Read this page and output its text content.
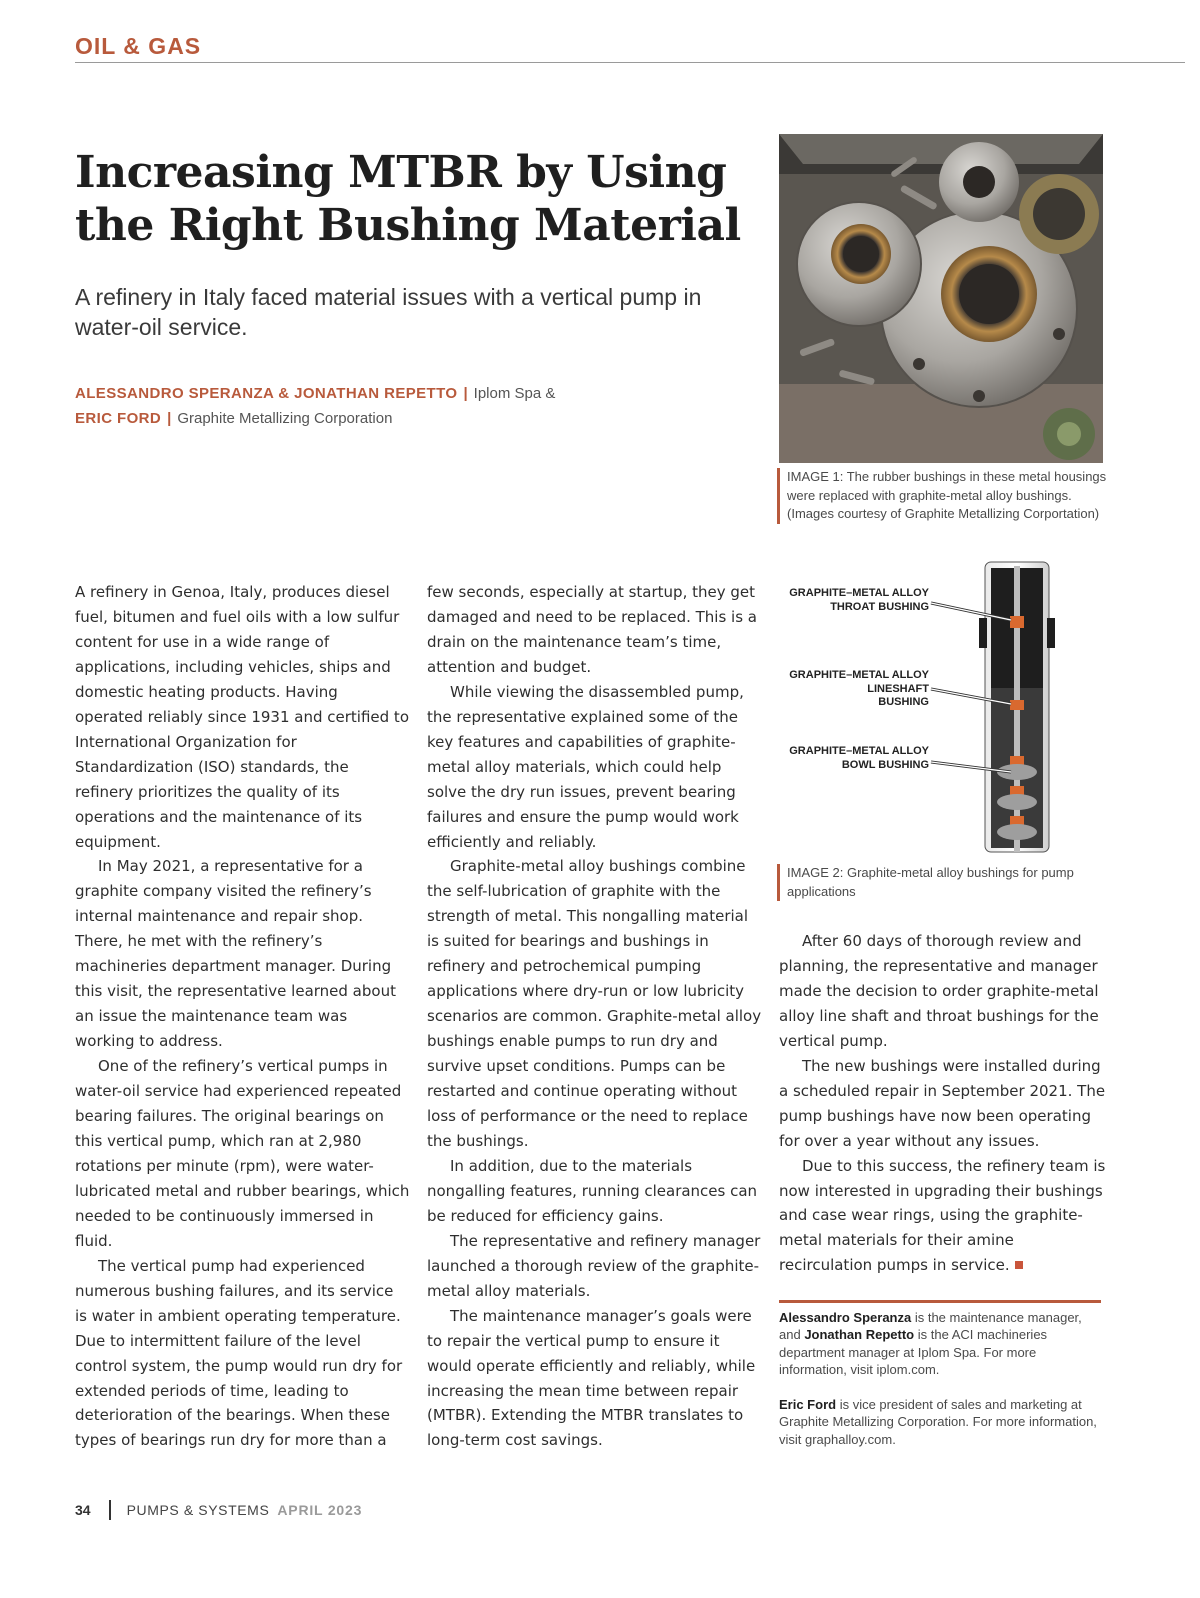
OIL & GAS
Increasing MTBR by Using the Right Bushing Material
A refinery in Italy faced material issues with a vertical pump in water-oil service.
ALESSANDRO SPERANZA & JONATHAN REPETTO | Iplom Spa &
ERIC FORD | Graphite Metallizing Corporation
IMAGE 1: The rubber bushings in these metal housings were replaced with graphite-metal alloy bushings. (Images courtesy of Graphite Metallizing Corportation)
GRAPHITE–METAL ALLOY
THROAT BUSHING
GRAPHITE–METAL ALLOY
LINESHAFT
BUSHING
GRAPHITE–METAL ALLOY
BOWL BUSHING
IMAGE 2: Graphite-metal alloy bushings for pump applications

A refinery in Genoa, Italy, produces diesel fuel, bitumen and fuel oils with a low sulfur content for use in a wide range of applications, including vehicles, ships and domestic heating products. Having operated reliably since 1931 and certified to International Organization for Standardization (ISO) standards, the refinery prioritizes the quality of its operations and the maintenance of its equipment.

In May 2021, a representative for a graphite company visited the refinery’s internal maintenance and repair shop. There, he met with the refinery’s machineries department manager. During this visit, the representative learned about an issue the maintenance team was working to address.

One of the refinery’s vertical pumps in water-oil service had experienced repeated bearing failures. The original bearings on this vertical pump, which ran at 2,980 rotations per minute (rpm), were water-lubricated metal and rubber bearings, which needed to be continuously immersed in fluid.

The vertical pump had experienced numerous bushing failures, and its service is water in ambient operating temperature. Due to intermittent failure of the level control system, the pump would run dry for extended periods of time, leading to deterioration of the bearings. When these types of bearings run dry for more than a

few seconds, especially at startup, they get damaged and need to be replaced. This is a drain on the maintenance team’s time, attention and budget.

While viewing the disassembled pump, the representative explained some of the key features and capabilities of graphite-metal alloy materials, which could help solve the dry run issues, prevent bearing failures and ensure the pump would work efficiently and reliably.

Graphite-metal alloy bushings combine the self-lubrication of graphite with the strength of metal. This nongalling material is suited for bearings and bushings in refinery and petrochemical pumping applications where dry-run or low lubricity scenarios are common. Graphite-metal alloy bushings enable pumps to run dry and survive upset conditions. Pumps can be restarted and continue operating without loss of performance or the need to replace the bushings.

In addition, due to the materials nongalling features, running clearances can be reduced for efficiency gains.

The representative and refinery manager launched a thorough review of the graphite-metal alloy materials.

The maintenance manager’s goals were to repair the vertical pump to ensure it would operate efficiently and reliably, while increasing the mean time between repair (MTBR). Extending the MTBR translates to long-term cost savings.

After 60 days of thorough review and planning, the representative and manager made the decision to order graphite-metal alloy line shaft and throat bushings for the vertical pump.

The new bushings were installed during a scheduled repair in September 2021. The pump bushings have now been operating for over a year without any issues.

Due to this success, the refinery team is now interested in upgrading their bushings and case wear rings, using the graphite-metal materials for their amine recirculation pumps in service.

Alessandro Speranza is the maintenance manager, and Jonathan Repetto is the ACI machineries department manager at Iplom Spa. For more information, visit iplom.com.
Eric Ford is vice president of sales and marketing at Graphite Metallizing Corporation. For more information, visit graphalloy.com.
34	PUMPS & SYSTEMS APRIL 2023
